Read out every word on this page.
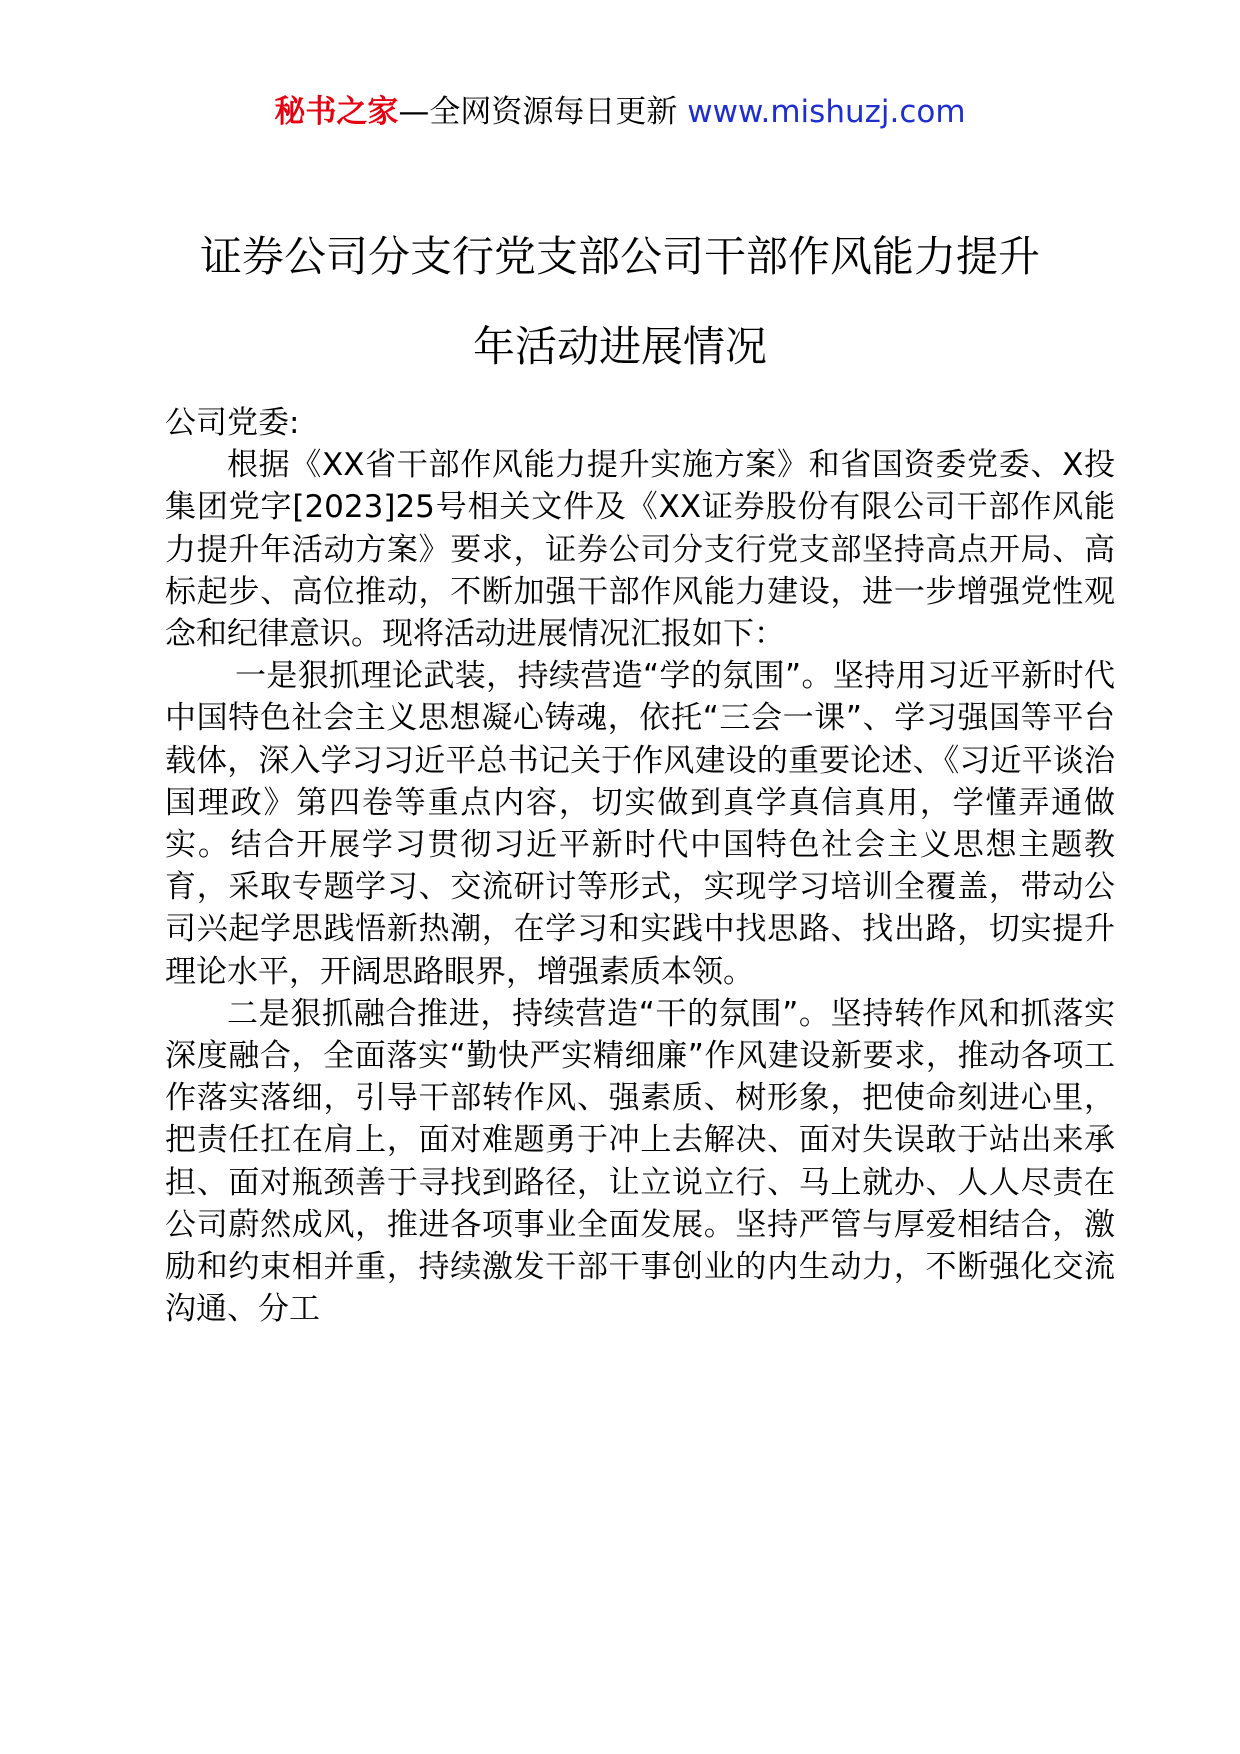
秘书之家—全网资源每日更新 www.mishuzj.com
证券公司分支行党支部公司干部作风能力提升
年活动进展情况

公司党委:

根据《XX省干部作风能力提升实施方案》和省国资委党委、X投集团党字[2023]25号相关文件及《XX证券股份有限公司干部作风能力提升年活动方案》要求，证券公司分支行党支部坚持高点开局、高标起步、高位推动，不断加强干部作风能力建设，进一步增强党性观念和纪律意识。现将活动进展情况汇报如下：

一是狠抓理论武装，持续营造“学的氛围”。坚持用习近平新时代中国特色社会主义思想凝心铸魂，依托“三会一课”、学习强国等平台载体，深入学习习近平总书记关于作风建设的重要论述、《习近平谈治国理政》第四卷等重点内容，切实做到真学真信真用，学懂弄通做实。结合开展学习贯彻习近平新时代中国特色社会主义思想主题教育，采取专题学习、交流研讨等形式，实现学习培训全覆盖，带动公司兴起学思践悟新热潮，在学习和实践中找思路、找出路，切实提升理论水平，开阔思路眼界，增强素质本领。

二是狠抓融合推进，持续营造“干的氛围”。坚持转作风和抓落实深度融合，全面落实“勤快严实精细廉”作风建设新要求，推动各项工作落实落细，引导干部转作风、强素质、树形象，把使命刻进心里，把责任扛在肩上，面对难题勇于冲上去解决、面对失误敢于站出来承担、面对瓶颈善于寻找到路径，让立说立行、马上就办、人人尽责在公司蔚然成风，推进各项事业全面发展。坚持严管与厚爱相结合，激励和约束相并重，持续激发干部干事创业的内生动力，不断强化交流沟通、分工
